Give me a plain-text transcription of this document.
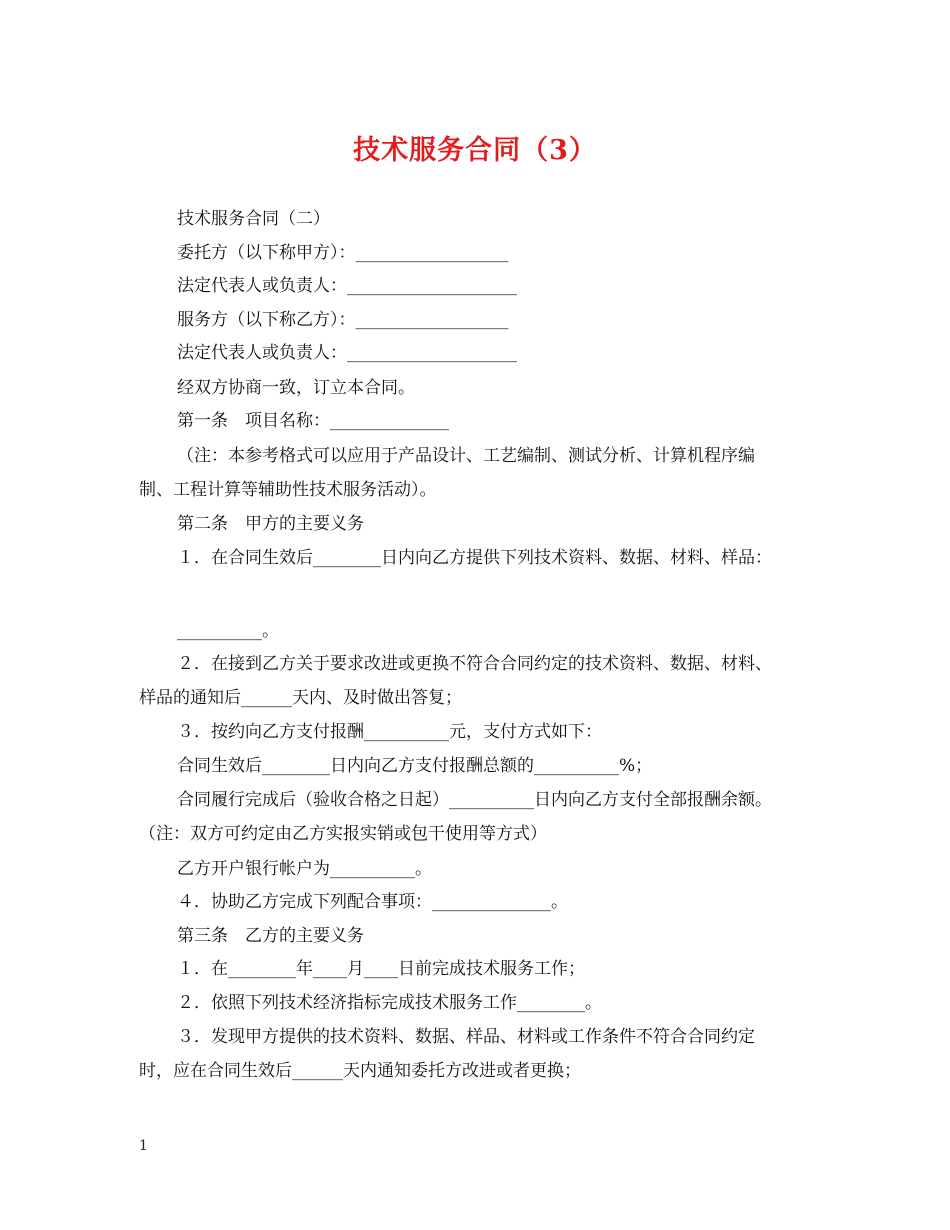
技术服务合同（3）
技术服务合同（二）
委托方（以下称甲方）：__________________
法定代表人或负责人：____________________
服务方（以下称乙方）：__________________
法定代表人或负责人：____________________
经双方协商一致，订立本合同。
第一条　项目名称：______________
（注：本参考格式可以应用于产品设计、工艺编制、测试分析、计算机程序编
制、工程计算等辅助性技术服务活动）。
第二条　甲方的主要义务
１．在合同生效后________日内向乙方提供下列技术资料、数据、材料、样品：
__________。
２．在接到乙方关于要求改进或更换不符合合同约定的技术资料、数据、材料、
样品的通知后______天内、及时做出答复；
３．按约向乙方支付报酬__________元，支付方式如下：
合同生效后________日内向乙方支付报酬总额的__________%；
合同履行完成后（验收合格之日起）__________日内向乙方支付全部报酬余额。
（注：双方可约定由乙方实报实销或包干使用等方式）
乙方开户银行帐户为__________。
４．协助乙方完成下列配合事项：______________。
第三条　乙方的主要义务
１．在________年____月____日前完成技术服务工作；
２．依照下列技术经济指标完成技术服务工作________。
３．发现甲方提供的技术资料、数据、样品、材料或工作条件不符合合同约定
时，应在合同生效后______天内通知委托方改进或者更换；
1
